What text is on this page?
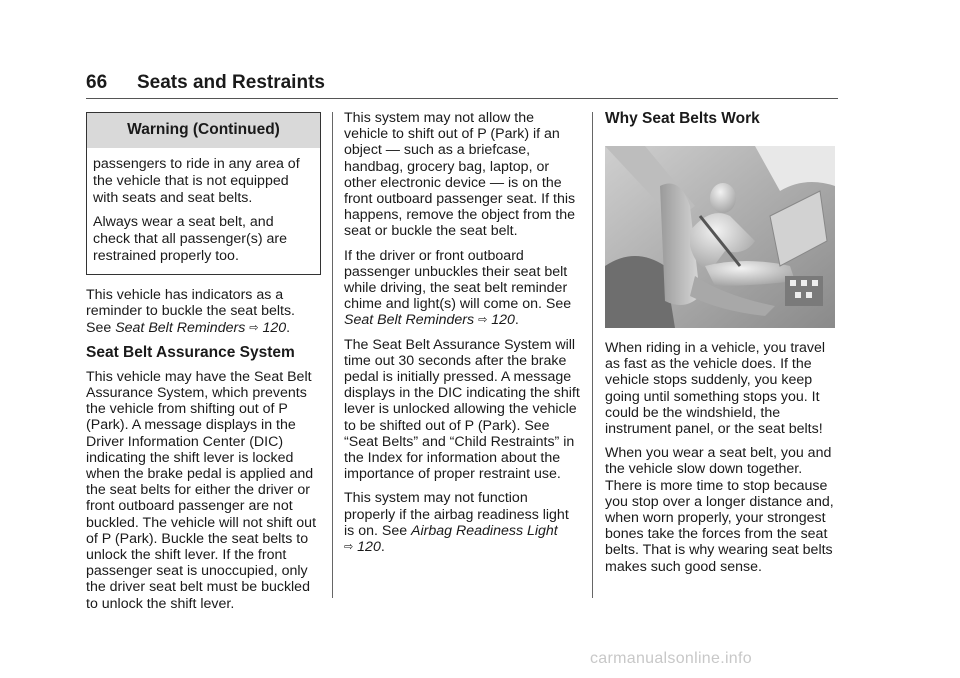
66 Seats and Restraints
Warning (Continued)

passengers to ride in any area of the vehicle that is not equipped with seats and seat belts.

Always wear a seat belt, and check that all passenger(s) are restrained properly too.

This vehicle has indicators as a reminder to buckle the seat belts. See Seat Belt Reminders ⇨ 120.

Seat Belt Assurance System

This vehicle may have the Seat Belt Assurance System, which prevents the vehicle from shifting out of P (Park). A message displays in the Driver Information Center (DIC) indicating the shift lever is locked when the brake pedal is applied and the seat belts for either the driver or front outboard passenger are not buckled. The vehicle will not shift out of P (Park). Buckle the seat belts to unlock the shift lever. If the front passenger seat is unoccupied, only the driver seat belt must be buckled to unlock the shift lever.

This system may not allow the vehicle to shift out of P (Park) if an object — such as a briefcase, handbag, grocery bag, laptop, or other electronic device — is on the front outboard passenger seat. If this happens, remove the object from the seat or buckle the seat belt.

If the driver or front outboard passenger unbuckles their seat belt while driving, the seat belt reminder chime and light(s) will come on. See Seat Belt Reminders ⇨ 120.

The Seat Belt Assurance System will time out 30 seconds after the brake pedal is initially pressed. A message displays in the DIC indicating the shift lever is unlocked allowing the vehicle to be shifted out of P (Park). See “Seat Belts” and “Child Restraints” in the Index for information about the importance of proper restraint use.

This system may not function properly if the airbag readiness light is on. See Airbag Readiness Light
⇨ 120.

Why Seat Belts Work

When riding in a vehicle, you travel as fast as the vehicle does. If the vehicle stops suddenly, you keep going until something stops you. It could be the windshield, the instrument panel, or the seat belts!

When you wear a seat belt, you and the vehicle slow down together. There is more time to stop because you stop over a longer distance and, when worn properly, your strongest bones take the forces from the seat belts. That is why wearing seat belts makes such good sense.

carmanualsonline.info
